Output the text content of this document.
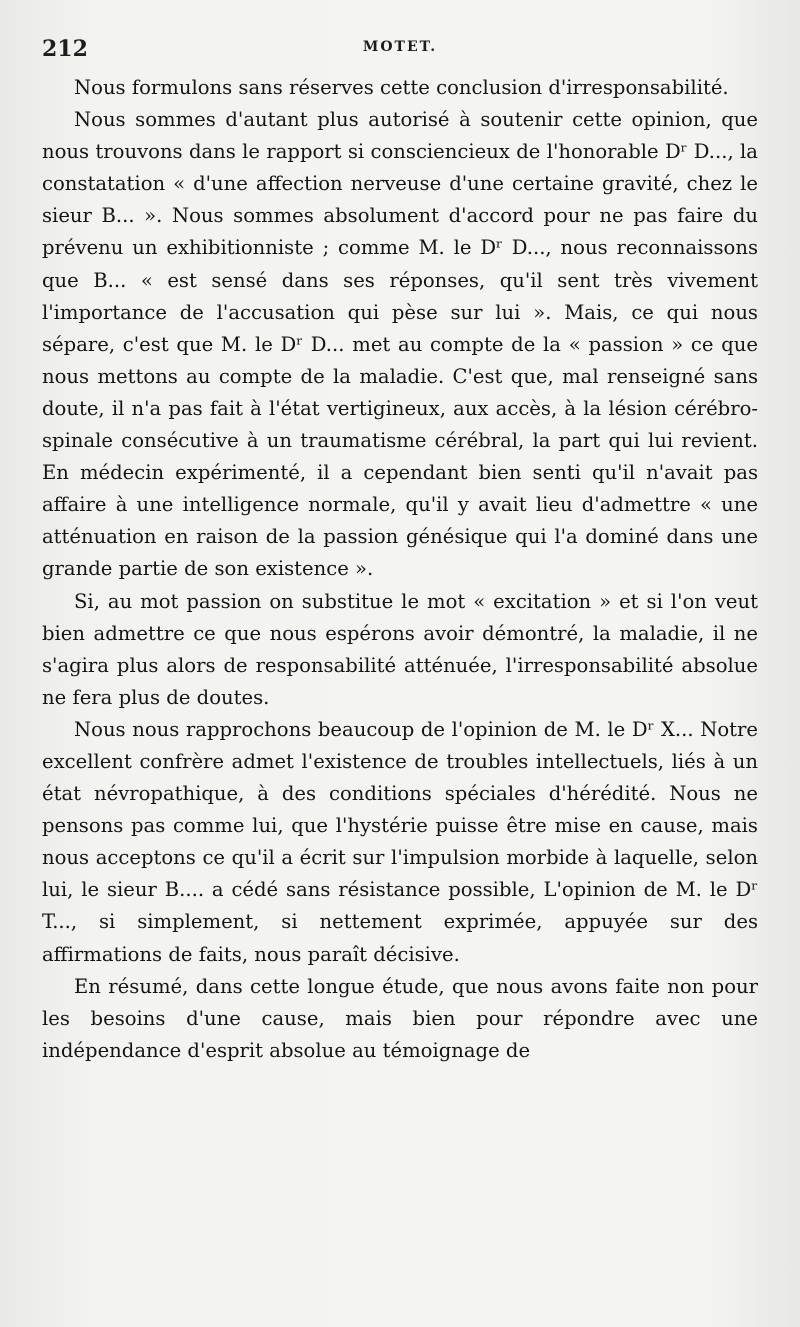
212	MOTET.

Nous formulons sans réserves cette conclusion d'irresponsabilité.

Nous sommes d'autant plus autorisé à soutenir cette opinion, que nous trouvons dans le rapport si consciencieux de l'honorable Dʳ D..., la constatation « d'une affection nerveuse d'une certaine gravité, chez le sieur B... ». Nous sommes absolument d'accord pour ne pas faire du prévenu un exhibitionniste ; comme M. le Dʳ D..., nous reconnaissons que B... « est sensé dans ses réponses, qu'il sent très vivement l'importance de l'accusation qui pèse sur lui ». Mais, ce qui nous sépare, c'est que M. le Dʳ D... met au compte de la « passion » ce que nous mettons au compte de la maladie. C'est que, mal renseigné sans doute, il n'a pas fait à l'état vertigineux, aux accès, à la lésion cérébro-spinale consécutive à un traumatisme cérébral, la part qui lui revient. En médecin expérimenté, il a cependant bien senti qu'il n'avait pas affaire à une intelligence normale, qu'il y avait lieu d'admettre « une atténuation en raison de la passion génésique qui l'a dominé dans une grande partie de son existence ».

Si, au mot passion on substitue le mot « excitation » et si l'on veut bien admettre ce que nous espérons avoir démontré, la maladie, il ne s'agira plus alors de responsabilité atténuée, l'irresponsabilité absolue ne fera plus de doutes.

Nous nous rapprochons beaucoup de l'opinion de M. le Dʳ X... Notre excellent confrère admet l'existence de troubles intellectuels, liés à un état névropathique, à des conditions spéciales d'hérédité. Nous ne pensons pas comme lui, que l'hystérie puisse être mise en cause, mais nous acceptons ce qu'il a écrit sur l'impulsion morbide à laquelle, selon lui, le sieur B.... a cédé sans résistance possible, L'opinion de M. le Dʳ T..., si simplement, si nettement exprimée, appuyée sur des affirmations de faits, nous paraît décisive.

En résumé, dans cette longue étude, que nous avons faite non pour les besoins d'une cause, mais bien pour répondre avec une indépendance d'esprit absolue au témoignage de
